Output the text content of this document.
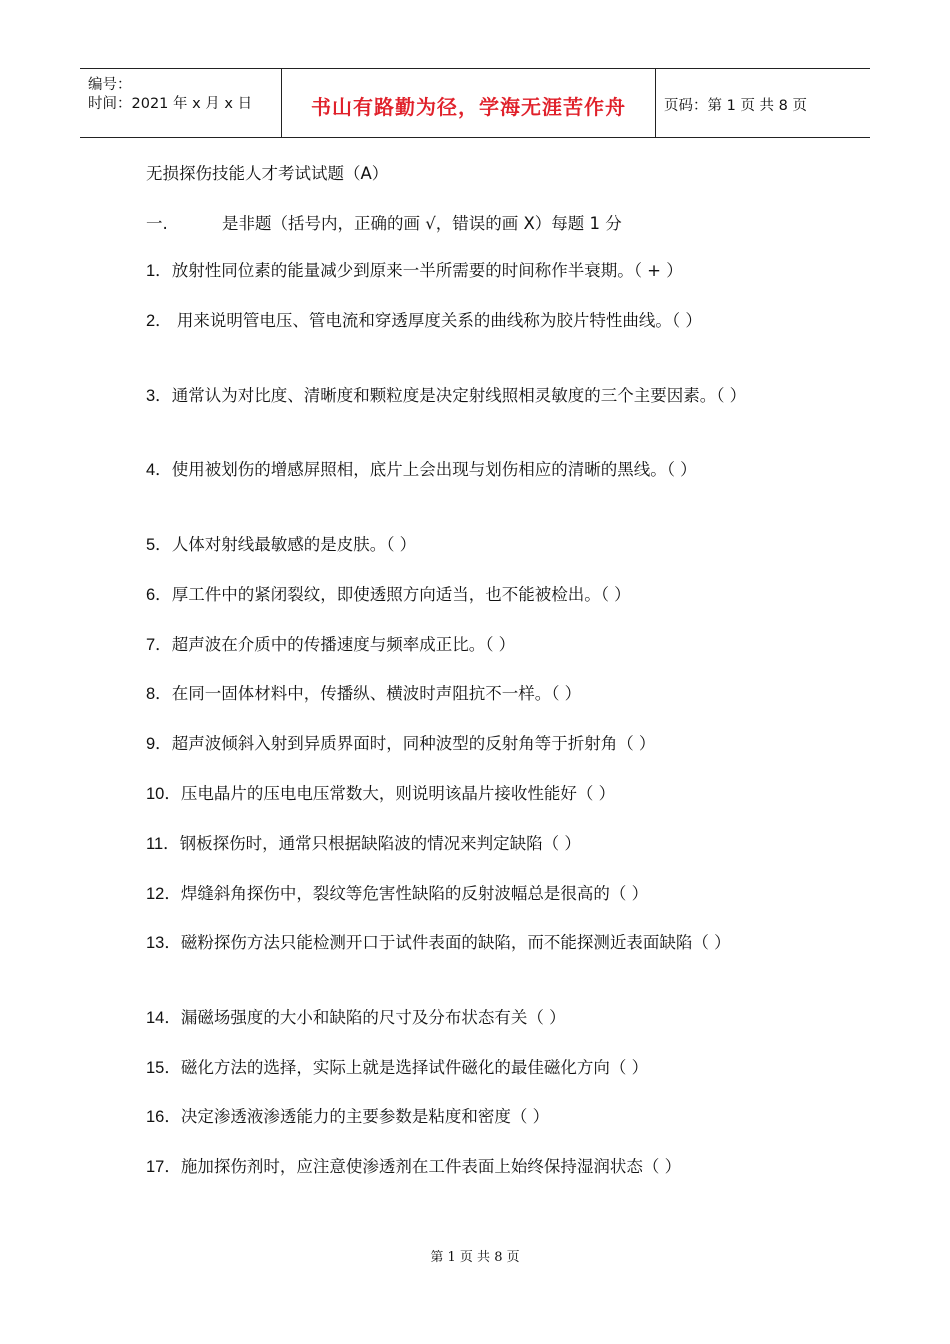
编号：
时间：2021 年 x 月 x 日	书山有路勤为径，学海无涯苦作舟	页码：第 1 页 共 8 页
无损探伤技能人才考试试题（A）
一.	是非题（括号内，正确的画 √，错误的画 X）每题 1 分
1．放射性同位素的能量减少到原来一半所需要的时间称作半衰期。（ + ）
2． 用来说明管电压、管电流和穿透厚度关系的曲线称为胶片特性曲线。（ ）
3．通常认为对比度、清晰度和颗粒度是决定射线照相灵敏度的三个主要因素。（ ）
4．使用被划伤的增感屏照相，底片上会出现与划伤相应的清晰的黑线。（ ）
5．人体对射线最敏感的是皮肤。（ ）
6．厚工件中的紧闭裂纹，即使透照方向适当，也不能被检出。（ ）
7．超声波在介质中的传播速度与频率成正比。（ ）
8．在同一固体材料中，传播纵、横波时声阻抗不一样。（ ）
9．超声波倾斜入射到异质界面时，同种波型的反射角等于折射角（ ）
10．压电晶片的压电电压常数大，则说明该晶片接收性能好（ ）
11．钢板探伤时，通常只根据缺陷波的情况来判定缺陷（ ）
12．焊缝斜角探伤中，裂纹等危害性缺陷的反射波幅总是很高的（ ）
13．磁粉探伤方法只能检测开口于试件表面的缺陷，而不能探测近表面缺陷（ ）
14．漏磁场强度的大小和缺陷的尺寸及分布状态有关（ ）
15．磁化方法的选择，实际上就是选择试件磁化的最佳磁化方向（ ）
16．决定渗透液渗透能力的主要参数是粘度和密度（ ）
17．施加探伤剂时，应注意使渗透剂在工件表面上始终保持湿润状态（ ）
第 1 页 共 8 页
